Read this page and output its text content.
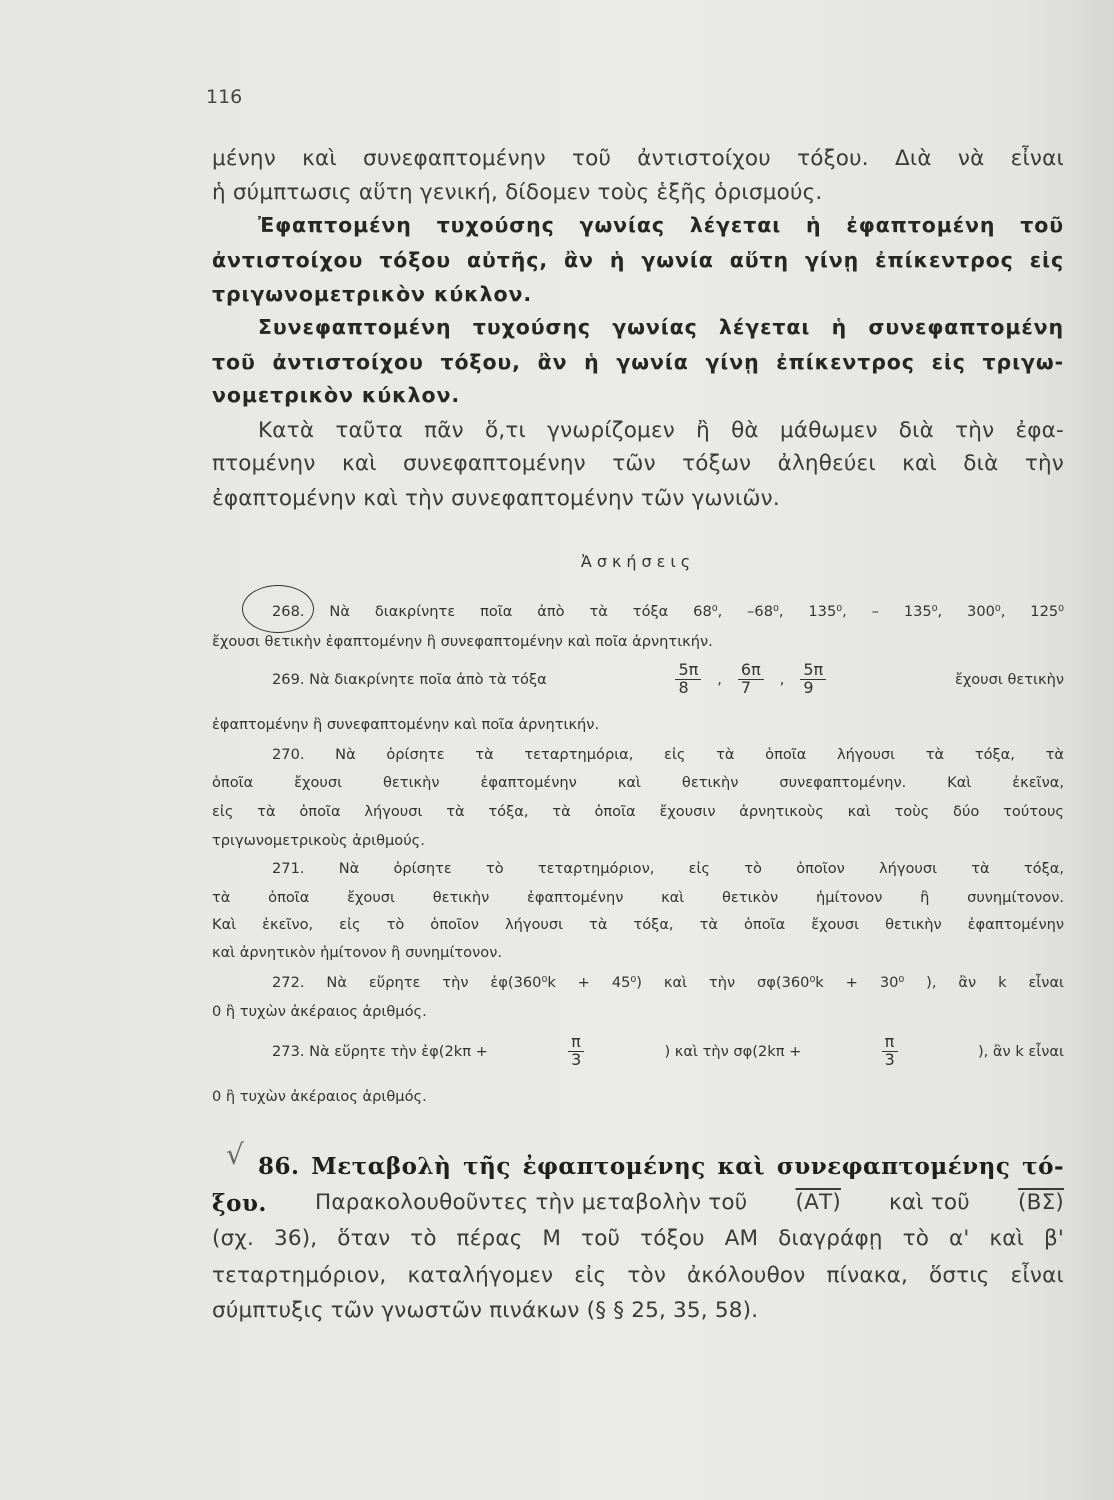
116
μένην καὶ συνεφαπτομένην τοῦ ἀντιστοίχου τόξου. Διὰ νὰ εἶναι
ἡ σύμπτωσις αὕτη γενική, δίδομεν τοὺς ἑξῆς ὁρισμούς.
Ἐφαπτομένη τυχούσης γωνίας λέγεται ἡ ἐφαπτομένη τοῦ
ἀντιστοίχου τόξου αὐτῆς, ἂν ἡ γωνία αὕτη γίνῃ ἐπίκεντρος εἰς
τριγωνομετρικὸν κύκλον.
Συνεφαπτομένη τυχούσης γωνίας λέγεται ἡ συνεφαπτομένη
τοῦ ἀντιστοίχου τόξου, ἂν ἡ γωνία γίνῃ ἐπίκεντρος εἰς τριγω-
νομετρικὸν κύκλον.
Κατὰ ταῦτα πᾶν ὅ,τι γνωρίζομεν ἢ θὰ μάθωμεν διὰ τὴν ἐφα-
πτομένην καὶ συνεφαπτομένην τῶν τόξων ἀληθεύει καὶ διὰ τὴν
ἐφαπτομένην καὶ τὴν συνεφαπτομένην τῶν γωνιῶν.
Ἀσκήσεις
268. Νὰ διακρίνητε ποῖα ἀπὸ τὰ τόξα 68⁰, –68⁰, 135⁰, – 135⁰, 300⁰, 125⁰
ἔχουσι θετικὴν ἐφαπτομένην ἢ συνεφαπτομένην καὶ ποῖα ἀρνητικήν.
269. Νὰ διακρίνητε ποῖα ἀπὸ τὰ τόξα	$\frac{5\pi}{8}$ , $\frac{6\pi}{7}$ , $\frac{5\pi}{9}$	ἔχουσι θετικὴν
ἐφαπτομένην ἢ συνεφαπτομένην καὶ ποῖα ἀρνητικήν.
270. Νὰ ὁρίσητε τὰ τεταρτημόρια, εἰς τὰ ὁποῖα λήγουσι τὰ τόξα, τὰ
ὁποῖα ἔχουσι θετικὴν ἐφαπτομένην καὶ θετικὴν συνεφαπτομένην. Καὶ ἐκεῖνα,
εἰς τὰ ὁποῖα λήγουσι τὰ τόξα, τὰ ὁποῖα ἔχουσιν ἀρνητικοὺς καὶ τοὺς δύο τούτους
τριγωνομετρικοὺς ἀριθμούς.
271. Νὰ ὁρίσητε τὸ τεταρτημόριον, εἰς τὸ ὁποῖον λήγουσι τὰ τόξα,
τὰ ὁποῖα ἔχουσι θετικὴν ἐφαπτομένην καὶ θετικὸν ἡμίτονον ἢ συνημίτονον.
Καὶ ἐκεῖνο, εἰς τὸ ὁποῖον λήγουσι τὰ τόξα, τὰ ὁποῖα ἔχουσι θετικὴν ἐφαπτομένην
καὶ ἀρνητικὸν ἡμίτονον ἢ συνημίτονον.
272. Νὰ εὕρητε τὴν ἐφ(360⁰k + 45⁰) καὶ τὴν σφ(360⁰k + 30⁰ ), ἂν k εἶναι
0 ἢ τυχὼν ἀκέραιος ἀριθμός.
273. Νὰ εὕρητε τὴν ἐφ(2kπ +	$\frac{\pi}{3}$	) καὶ τὴν σφ(2kπ +	$\frac{\pi}{3}$	), ἂν k εἶναι
0 ἢ τυχὼν ἀκέραιος ἀριθμός.
86. Μεταβολὴ τῆς ἐφαπτομένης καὶ συνεφαπτομένης τό-
ξου. Παρακολουθοῦντες τὴν μεταβολὴν τοῦ (ΑΤ) καὶ τοῦ (ΒΣ)
(σχ. 36), ὅταν τὸ πέρας Μ τοῦ τόξου ΑΜ διαγράφῃ τὸ α' καὶ β'
τεταρτημόριον, καταλήγομεν εἰς τὸν ἀκόλουθον πίνακα, ὅστις εἶναι
σύμπτυξις τῶν γνωστῶν πινάκων (§ § 25, 35, 58).
√
